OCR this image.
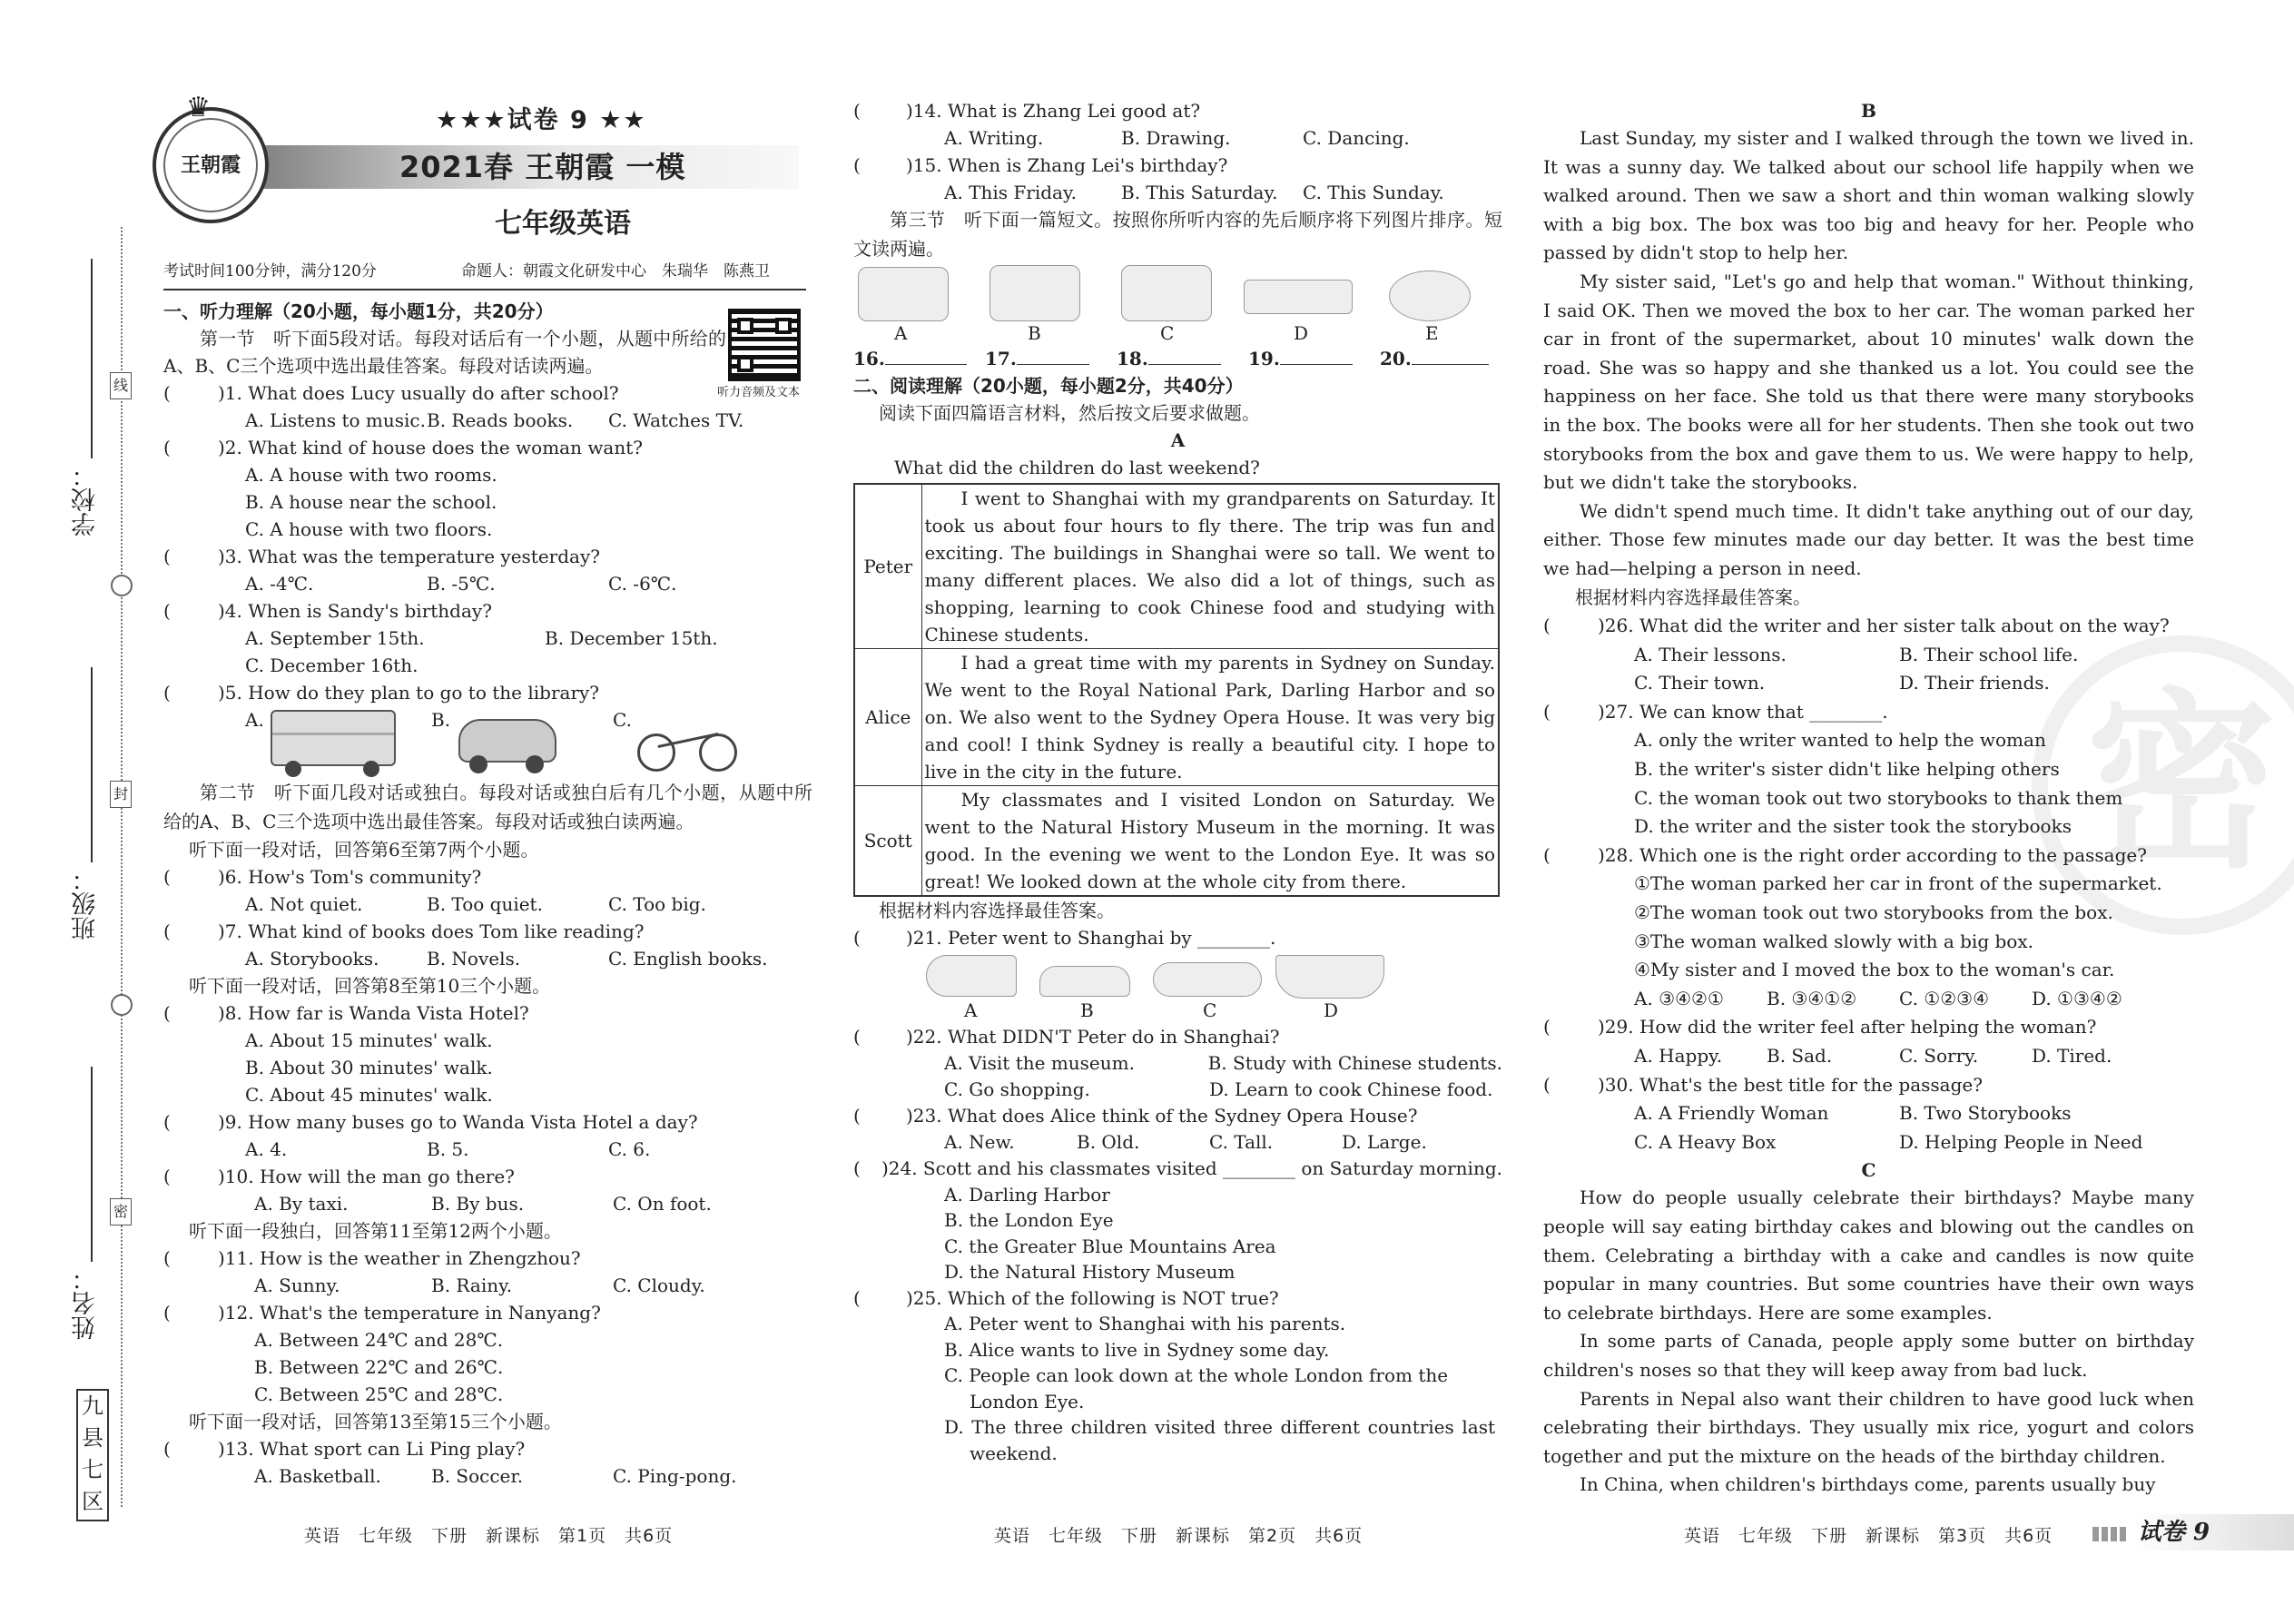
学校：
班级：
姓名：
线
封
密
九
县
七
区
王朝霞
♛	★★★试卷 9 ★★
2021春 王朝霞 一模
七年级英语
考试时间100分钟，满分120分	命题人：朝霞文化研发中心　朱瑞华　陈燕卫
听力音频及文本
一、听力理解（20小题，每小题1分，共20分）
第一节　听下面5段对话。每段对话后有一个小题，从题中所给的A、B、C三个选项中选出最佳答案。每段对话读两遍。
(	)1. What does Lucy usually do after school?
A. Listens to music. B. Reads books.	C. Watches TV.
(	)2. What kind of house does the woman want?
A. A house with two rooms.
B. A house near the school.
C. A house with two floors.
(	)3. What was the temperature yesterday?
A. -4℃.	B. -5℃.	C. -6℃.
(	)4. When is Sandy's birthday?
A. September 15th.	B. December 15th.
C. December 16th.
(	)5. How do they plan to go to the library?
A.	B.	C.
第二节　听下面几段对话或独白。每段对话或独白后有几个小题，从题中所给的A、B、C三个选项中选出最佳答案。每段对话或独白读两遍。
听下面一段对话，回答第6至第7两个小题。
(	)6. How's Tom's community?
A. Not quiet.	B. Too quiet.	C. Too big.
(	)7. What kind of books does Tom like reading?
A. Storybooks.	B. Novels.	C. English books.
听下面一段对话，回答第8至第10三个小题。
(	)8. How far is Wanda Vista Hotel?
A. About 15 minutes' walk.
B. About 30 minutes' walk.
C. About 45 minutes' walk.
(	)9. How many buses go to Wanda Vista Hotel a day?
A. 4.	B. 5.	C. 6.
(	)10. How will the man go there?
A. By taxi.	B. By bus.	C. On foot.
听下面一段独白，回答第11至第12两个小题。
(	)11. How is the weather in Zhengzhou?
A. Sunny.	B. Rainy.	C. Cloudy.
(	)12. What's the temperature in Nanyang?
A. Between 24℃ and 28℃.
B. Between 22℃ and 26℃.
C. Between 25℃ and 28℃.
听下面一段对话，回答第13至第15三个小题。
(	)13. What sport can Li Ping play?
A. Basketball.	B. Soccer.	C. Ping-pong.
(	)14. What is Zhang Lei good at?
A. Writing.	B. Drawing.	C. Dancing.
(	)15. When is Zhang Lei's birthday?
A. This Friday.	B. This Saturday.	C. This Sunday.
第三节　听下面一篇短文。按照你所听内容的先后顺序将下列图片排序。短文读两遍。
A	B	C	D	E
16.	17.	18.	19.	20.
二、阅读理解（20小题，每小题2分，共40分）
阅读下面四篇语言材料，然后按文后要求做题。
A
What did the children do last weekend?
Peter	I went to Shanghai with my grandparents on Saturday. It took us about four hours to fly there. The trip was fun and exciting. The buildings in Shanghai were so tall. We went to many different places. We also did a lot of things, such as shopping, learning to cook Chinese food and studying with Chinese students.
Alice	I had a great time with my parents in Sydney on Sunday. We went to the Royal National Park, Darling Harbor and so on. We also went to the Sydney Opera House. It was very big and cool! I think Sydney is really a beautiful city. I hope to live in the city in the future.
Scott	My classmates and I visited London on Saturday. We went to the Natural History Museum in the morning. It was good. In the evening we went to the London Eye. It was so great! We looked down at the whole city from there.
根据材料内容选择最佳答案。
(	)21. Peter went to Shanghai by ________.
A	B	C	D
(	)22. What DIDN'T Peter do in Shanghai?
A. Visit the museum.	B. Study with Chinese students.
C. Go shopping.	D. Learn to cook Chinese food.
(	)23. What does Alice think of the Sydney Opera House?
A. New.	B. Old.	C. Tall.	D. Large.
(	)24. Scott and his classmates visited ________ on Saturday morning.
A. Darling Harbor
B. the London Eye
C. the Greater Blue Mountains Area
D. the Natural History Museum
(	)25. Which of the following is NOT true?
A. Peter went to Shanghai with his parents.
B. Alice wants to live in Sydney some day.
C. People can look down at the whole London from the London Eye.
D. The three children visited three different countries last weekend.
密
B
Last Sunday, my sister and I walked through the town we lived in. It was a sunny day. We talked about our school life happily when we walked around. Then we saw a short and thin woman walking slowly with a big box. The box was too big and heavy for her. People who passed by didn't stop to help her.
My sister said, "Let's go and help that woman." Without thinking, I said OK. Then we moved the box to her car. The woman parked her car in front of the supermarket, about 10 minutes' walk down the road. She was so happy and she thanked us a lot. You could see the happiness on her face. She told us that there were many storybooks in the box. The books were all for her students. Then she took out two storybooks from the box and gave them to us. We were happy to help, but we didn't take the storybooks.
We didn't spend much time. It didn't take anything out of our day, either. Those few minutes made our day better. It was the best time we had—helping a person in need.
根据材料内容选择最佳答案。
(	)26. What did the writer and her sister talk about on the way?
A. Their lessons.	B. Their school life.
C. Their town.	D. Their friends.
(	)27. We can know that ________.
A. only the writer wanted to help the woman
B. the writer's sister didn't like helping others
C. the woman took out two storybooks to thank them
D. the writer and the sister took the storybooks
(	)28. Which one is the right order according to the passage?
①The woman parked her car in front of the supermarket.
②The woman took out two storybooks from the box.
③The woman walked slowly with a big box.
④My sister and I moved the box to the woman's car.
A. ③④②①	B. ③④①②	C. ①②③④	D. ①③④②
(	)29. How did the writer feel after helping the woman?
A. Happy.	B. Sad.	C. Sorry.	D. Tired.
(	)30. What's the best title for the passage?
A. A Friendly Woman	B. Two Storybooks
C. A Heavy Box	D. Helping People in Need
C
How do people usually celebrate their birthdays? Maybe many people will say eating birthday cakes and blowing out the candles on them. Celebrating a birthday with a cake and candles is now quite popular in many countries. But some countries have their own ways to celebrate birthdays. Here are some examples.
In some parts of Canada, people apply some butter on birthday children's noses so that they will keep away from bad luck.
Parents in Nepal also want their children to have good luck when celebrating their birthdays. They usually mix rice, yogurt and colors together and put the mixture on the heads of the birthday children.
In China, when children's birthdays come, parents usually buy
英语　七年级　下册　新课标　第1页　共6页	英语　七年级　下册　新课标　第2页　共6页	英语　七年级　下册　新课标　第3页　共6页	试卷 9
